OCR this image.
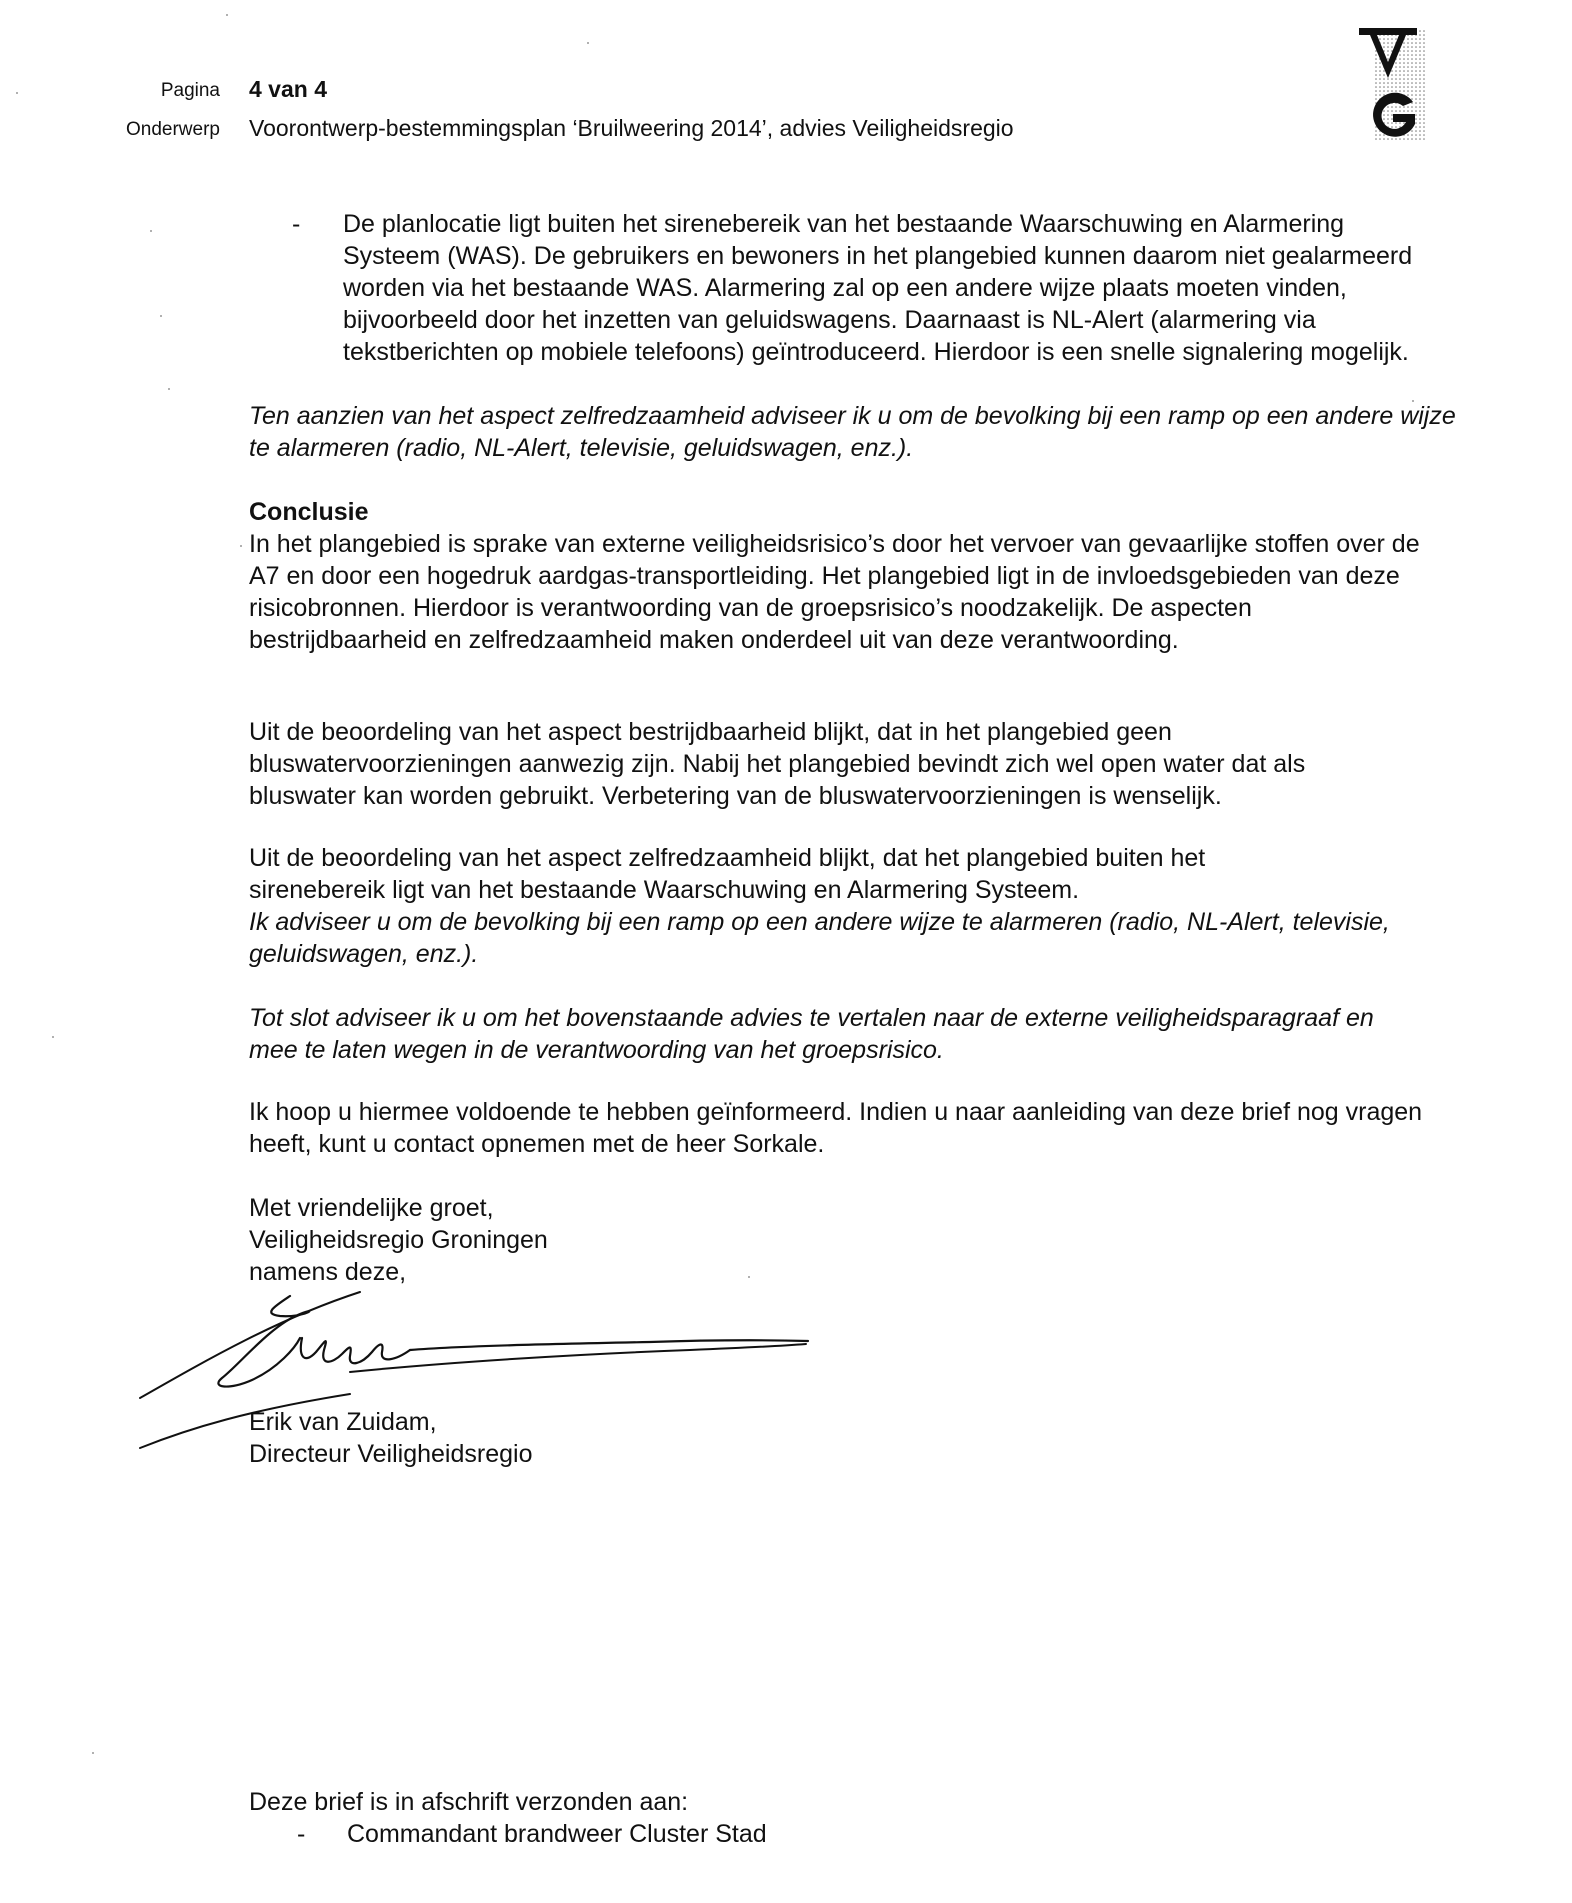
Pagina 4 van 4
Onderwerp Voorontwerp-bestemmingsplan ‘Bruilweering 2014’, advies Veiligheidsregio
- De planlocatie ligt buiten het sirenebereik van het bestaande Waarschuwing en Alarmering Systeem (WAS). De gebruikers en bewoners in het plangebied kunnen daarom niet gealarmeerd worden via het bestaande WAS. Alarmering zal op een andere wijze plaats moeten vinden, bijvoorbeeld door het inzetten van geluidswagens. Daarnaast is NL-Alert (alarmering via tekstberichten op mobiele telefoons) geïntroduceerd. Hierdoor is een snelle signalering mogelijk.
Ten aanzien van het aspect zelfredzaamheid adviseer ik u om de bevolking bij een ramp op een andere wijze te alarmeren (radio, NL-Alert, televisie, geluidswagen, enz.).
Conclusie
In het plangebied is sprake van externe veiligheidsrisico’s door het vervoer van gevaarlijke stoffen over de A7 en door een hogedruk aardgas-transportleiding. Het plangebied ligt in de invloedsgebieden van deze risicobronnen. Hierdoor is verantwoording van de groepsrisico’s noodzakelijk. De aspecten bestrijdbaarheid en zelfredzaamheid maken onderdeel uit van deze verantwoording.
Uit de beoordeling van het aspect bestrijdbaarheid blijkt, dat in het plangebied geen bluswatervoorzieningen aanwezig zijn. Nabij het plangebied bevindt zich wel open water dat als bluswater kan worden gebruikt. Verbetering van de bluswatervoorzieningen is wenselijk.
Uit de beoordeling van het aspect zelfredzaamheid blijkt, dat het plangebied buiten het sirenebereik ligt van het bestaande Waarschuwing en Alarmering Systeem.
Ik adviseer u om de bevolking bij een ramp op een andere wijze te alarmeren (radio, NL-Alert, televisie, geluidswagen, enz.).
Tot slot adviseer ik u om het bovenstaande advies te vertalen naar de externe veiligheidsparagraaf en mee te laten wegen in de verantwoording van het groepsrisico.
Ik hoop u hiermee voldoende te hebben geïnformeerd. Indien u naar aanleiding van deze brief nog vragen heeft, kunt u contact opnemen met de heer Sorkale.
Met vriendelijke groet,
Veiligheidsregio Groningen
namens deze,
Erik van Zuidam,
Directeur Veiligheidsregio
Deze brief is in afschrift verzonden aan:
-	Commandant brandweer Cluster Stad
